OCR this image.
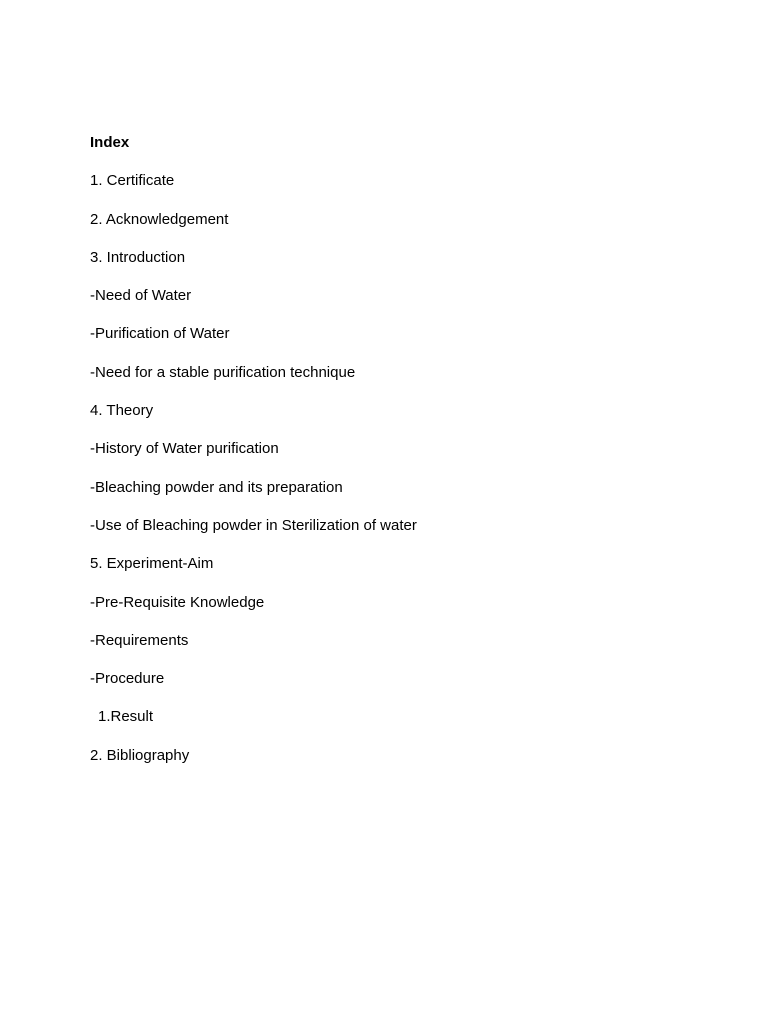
Index
1. Certificate
2. Acknowledgement
3. Introduction
-Need of Water
-Purification of Water
-Need for a stable purification technique
4. Theory
-History of Water purification
-Bleaching powder and its preparation
-Use of Bleaching powder in Sterilization of water
5. Experiment-Aim
-Pre-Requisite Knowledge
-Requirements
-Procedure
1.Result
2. Bibliography
